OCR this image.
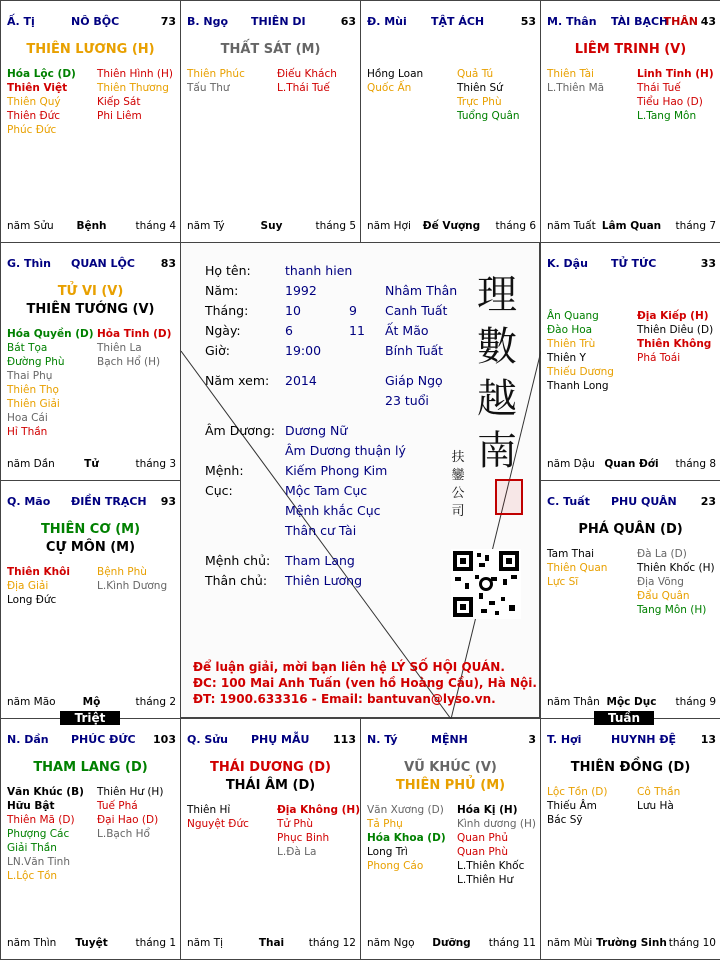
Ấ. Tị	NÔ BỘC	73
THIÊN LƯƠNG (H)
Hóa Lộc (D)
Thiên Việt
Thiên Quý
Thiên Đức
Phúc Đức
Thiên Hình (H)
Thiên Thương
Kiếp Sát
Phi Liêm
năm Sửu	Bệnh	tháng 4
B. Ngọ THIÊN DI	63
THẤT SÁT (M)
Thiên Phúc
Tấu Thư
Điếu Khách
L.Thái Tuế
năm Tý	Suy	tháng 5
Đ. Mùi TẬT ÁCH	53
Hồng Loan
Quốc Ấn
Quả Tú
Thiên Sứ
Trực Phù
Tuổng Quân
năm Hợi	Đế Vượng	tháng 6
M. Thân TÀI BẠCH	43
THÂN
LIÊM TRINH (V)
Thiên Tài
L.Thiên Mã
Linh Tinh (H)
Thái Tuế
Tiểu Hao (D)
L.Tang Môn
năm Tuất Lâm Quan	tháng 7
K. Dậu TỬ TỨC	33
Ân Quang
Đào Hoa
Thiên Trù
Thiên Y
Thiếu Dương
Thanh Long
Địa Kiếp (H)
Thiên Diêu (D)
Thiên Không
Phá Toái
năm Dậu Quan Đới	tháng 8
C. Tuất PHU QUÂN 23
PHÁ QUÂN (D)
Tam Thai
Thiên Quan
Lực Sĩ
Đà La (D)
Thiên Khốc (H)
Địa Võng
Đẩu Quân
Tang Môn (H)
năm Thân Mộc Dục	tháng 9
T. Hợi	HUYNH ĐỆ 13
THIÊN ĐỒNG (D)
Lộc Tồn (D)
Thiếu Âm
Bác Sỹ
Cô Thần
Lưu Hà
năm Mùi Trường Sinh tháng 10
N. Tý	MỆNH	3
VŨ KHÚC (V)
THIÊN PHỦ (M)
Văn Xương (D)
Tả Phụ
Hóa Khoa (D)
Long Trì
Phong Cáo
Hóa Kị (H)
Kình dương (H)
Quan Phủ
Quan Phù
L.Thiên Khốc
L.Thiên Hư
năm Ngọ	Dưỡng	tháng 11
Q. Sửu PHỤ MẪU 113
THÁI DƯƠNG (D)
THÁI ÂM (D)
Thiên Hỉ
Nguyệt Đức
Địa Không (H)
Tử Phù
Phục Binh
L.Đà La
năm Tị	Thai	tháng 12
N. Dần PHÚC ĐỨC 103
THAM LANG (D)
Văn Khúc (B)
Hữu Bật
Thiên Mã (D)
Phượng Các
Giải Thần
LN.Văn Tinh
L.Lộc Tồn
Thiên Hư (H)
Tuế Phá
Đại Hao (D)
L.Bạch Hổ
năm Thìn	Tuyệt	tháng 1
Q. Mão ĐIỀN TRẠCH 93
THIÊN CƠ (M)
CỰ MÔN (M)
Thiên Khôi
Địa Giải
Long Đức
Bệnh Phù
L.Kình Dương
năm Mão	Mộ	tháng 2
G. Thìn QUAN LỘC 83
TỬ VI (V)
THIÊN TƯỚNG (V)
Hóa Quyền (D)
Bát Tọa
Đường Phù
Thai Phụ
Thiên Thọ
Thiên Giải
Hoa Cái
Hỉ Thần
Hỏa Tinh (D)
Thiên La
Bạch Hổ (H)
năm Dần	Tử	tháng 3
Họ tên:	thanh hien
Năm:	1992	Nhâm Thân
Tháng:	10	9 Canh Tuất
Ngày:	6	11 Ất Mão
Giờ:	19:00	Bính Tuất
Năm xem: 2014	Giáp Ngọ
23 tuổi
Âm Dương: Dương Nữ
Âm Dương thuận lý
Mệnh:	Kiếm Phong Kim
Cục:	Mộc Tam Cục
Mệnh khắc Cục
Thân cư Tài
Mệnh chủ: Tham Lang
Thân chủ: Thiên Lương
理
數
越
南
扶
鑾
公
司
Để luận giải, mời bạn liên hệ LÝ SỐ HỘI QUÁN.
ĐC: 100 Mai Anh Tuấn (ven hồ Hoàng Cầu), Hà Nội.
ĐT: 1900.633316 - Email: bantuvan@lyso.vn.
Triệt	Tuần
